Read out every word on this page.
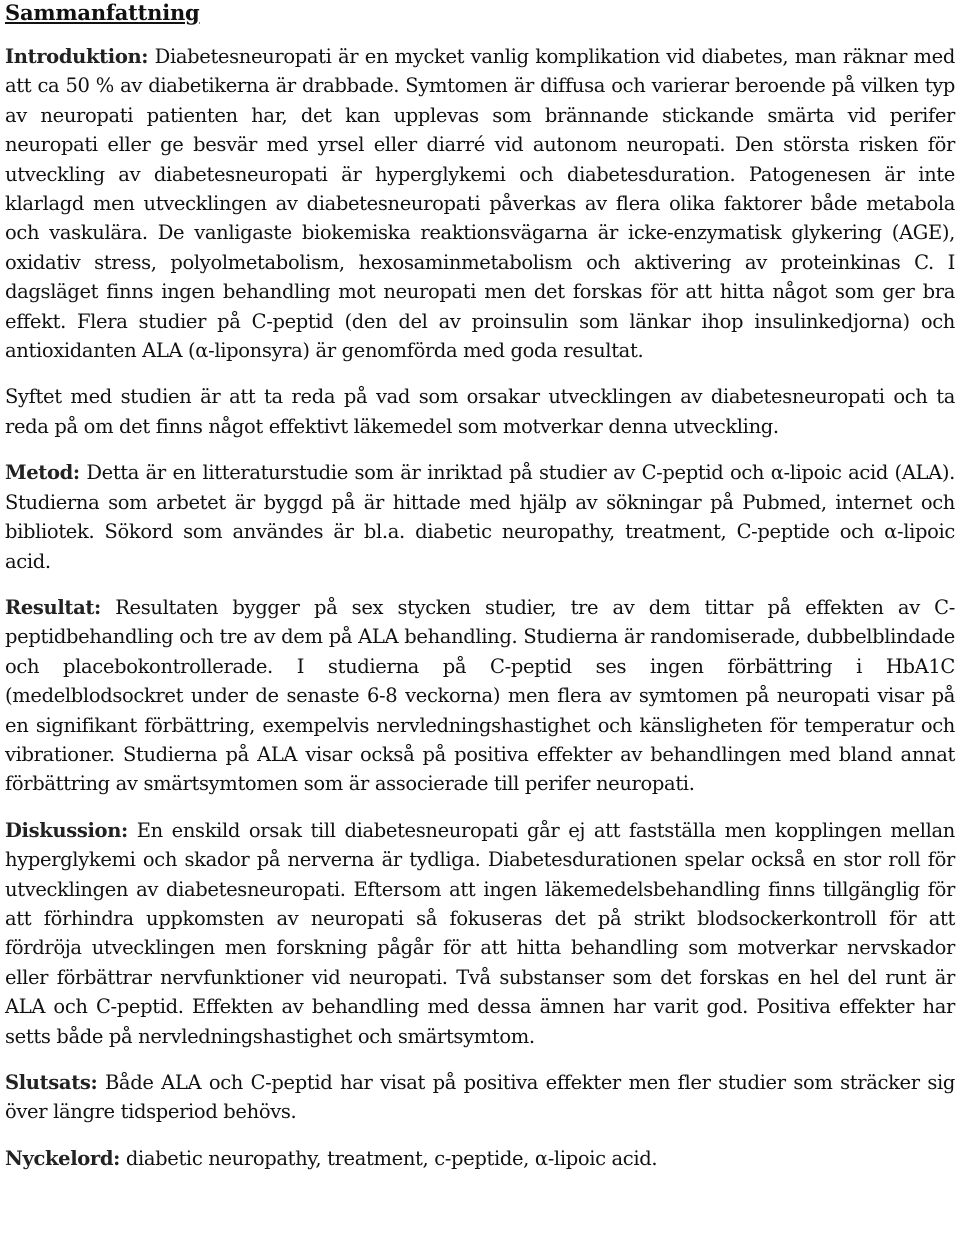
Sammanfattning

Introduktion: Diabetesneuropati är en mycket vanlig komplikation vid diabetes, man räknar med att ca 50 % av diabetikerna är drabbade. Symtomen är diffusa och varierar beroende på vilken typ av neuropati patienten har, det kan upplevas som brännande stickande smärta vid perifer neuropati eller ge besvär med yrsel eller diarré vid autonom neuropati. Den största risken för utveckling av diabetesneuropati är hyperglykemi och diabetesduration. Patogenesen är inte klarlagd men utvecklingen av diabetesneuropati påverkas av flera olika faktorer både metabola och vaskulära. De vanligaste biokemiska reaktionsvägarna är icke-enzymatisk glykering (AGE), oxidativ stress, polyolmetabolism, hexosaminmetabolism och aktivering av proteinkinas C. I dagsläget finns ingen behandling mot neuropati men det forskas för att hitta något som ger bra effekt. Flera studier på C-peptid (den del av proinsulin som länkar ihop insulinkedjorna) och antioxidanten ALA (α-liponsyra) är genomförda med goda resultat.

Syftet med studien är att ta reda på vad som orsakar utvecklingen av diabetesneuropati och ta reda på om det finns något effektivt läkemedel som motverkar denna utveckling.

Metod: Detta är en litteraturstudie som är inriktad på studier av C-peptid och α-lipoic acid (ALA). Studierna som arbetet är byggd på är hittade med hjälp av sökningar på Pubmed, internet och bibliotek. Sökord som användes är bl.a. diabetic neuropathy, treatment, C-peptide och α-lipoic acid.

Resultat: Resultaten bygger på sex stycken studier, tre av dem tittar på effekten av C-peptidbehandling och tre av dem på ALA behandling. Studierna är randomiserade, dubbelblindade och placebokontrollerade. I studierna på C-peptid ses ingen förbättring i HbA1C (medelblodsockret under de senaste 6-8 veckorna) men flera av symtomen på neuropati visar på en signifikant förbättring, exempelvis nervledningshastighet och känsligheten för temperatur och vibrationer. Studierna på ALA visar också på positiva effekter av behandlingen med bland annat förbättring av smärtsymtomen som är associerade till perifer neuropati.

Diskussion: En enskild orsak till diabetesneuropati går ej att fastställa men kopplingen mellan hyperglykemi och skador på nerverna är tydliga. Diabetesdurationen spelar också en stor roll för utvecklingen av diabetesneuropati. Eftersom att ingen läkemedelsbehandling finns tillgänglig för att förhindra uppkomsten av neuropati så fokuseras det på strikt blodsockerkontroll för att fördröja utvecklingen men forskning pågår för att hitta behandling som motverkar nervskador eller förbättrar nervfunktioner vid neuropati. Två substanser som det forskas en hel del runt är ALA och C-peptid. Effekten av behandling med dessa ämnen har varit god. Positiva effekter har setts både på nervledningshastighet och smärtsymtom.

Slutsats: Både ALA och C-peptid har visat på positiva effekter men fler studier som sträcker sig över längre tidsperiod behövs.

Nyckelord: diabetic neuropathy, treatment, c-peptide, α-lipoic acid.
